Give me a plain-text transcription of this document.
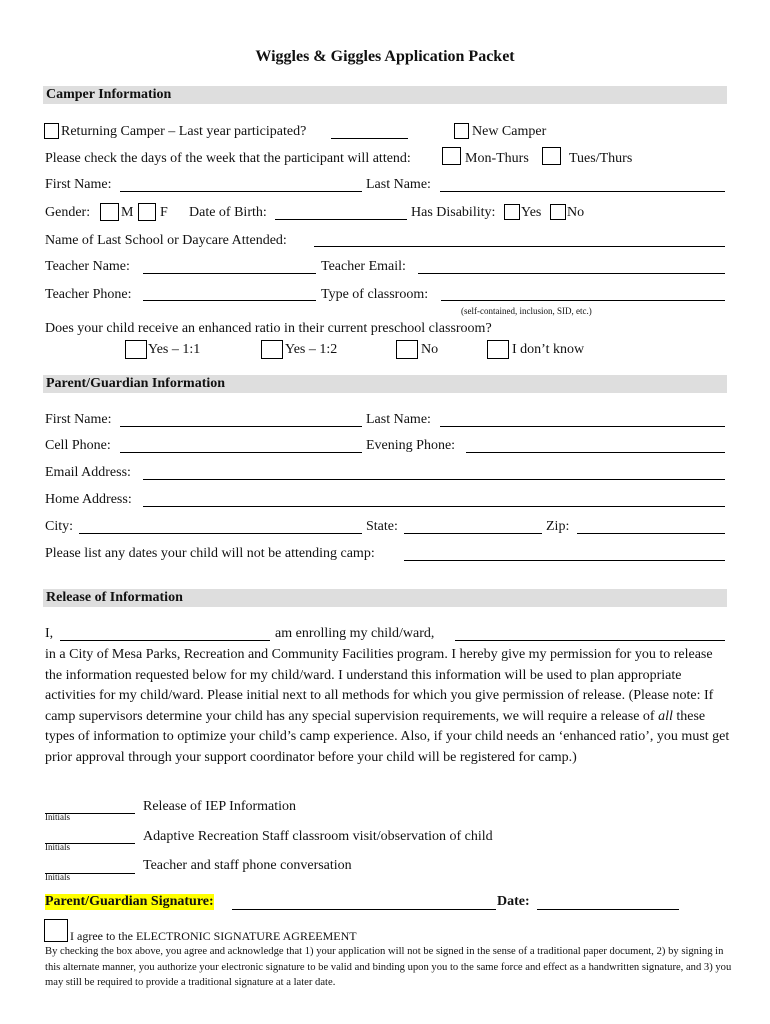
Wiggles & Giggles Application Packet
Camper Information
Returning Camper – Last year participated?	New Camper
Please check the days of the week that the participant will attend:	Mon-Thurs	Tues/Thurs
First Name:	Last Name:
Gender: M F Date of Birth:	Has Disability: Yes No
Name of Last School or Daycare Attended:
Teacher Name:	Teacher Email:
Teacher Phone:	Type of classroom:
(self-contained, inclusion, SID, etc.)
Does your child receive an enhanced ratio in their current preschool classroom?
Yes – 1:1	Yes – 1:2	No	I don’t know
Parent/Guardian Information
First Name:	Last Name:
Cell Phone:	Evening Phone:
Email Address:
Home Address:
City:	State:	Zip:
Please list any dates your child will not be attending camp:
Release of Information
I,	am enrolling my child/ward,
in a City of Mesa Parks, Recreation and Community Facilities program. I hereby give my permission for you to release the information requested below for my child/ward. I understand this information will be used to plan appropriate activities for my child/ward. Please initial next to all methods for which you give permission of release. (Please note: If camp supervisors determine your child has any special supervision requirements, we will require a release of all these types of information to optimize your child’s camp experience. Also, if your child needs an ‘enhanced ratio’, you must get prior approval through your support coordinator before your child will be registered for camp.)
Initials
Release of IEP Information
Initials
Adaptive Recreation Staff classroom visit/observation of child
Initials
Teacher and staff phone conversation
Parent/Guardian Signature:	Date:
I agree to the ELECTRONIC SIGNATURE AGREEMENT
By checking the box above, you agree and acknowledge that 1) your application will not be signed in the sense of a traditional paper document, 2) by signing in this alternate manner, you authorize your electronic signature to be valid and binding upon you to the same force and effect as a handwritten signature, and 3) you may still be required to provide a traditional signature at a later date.
